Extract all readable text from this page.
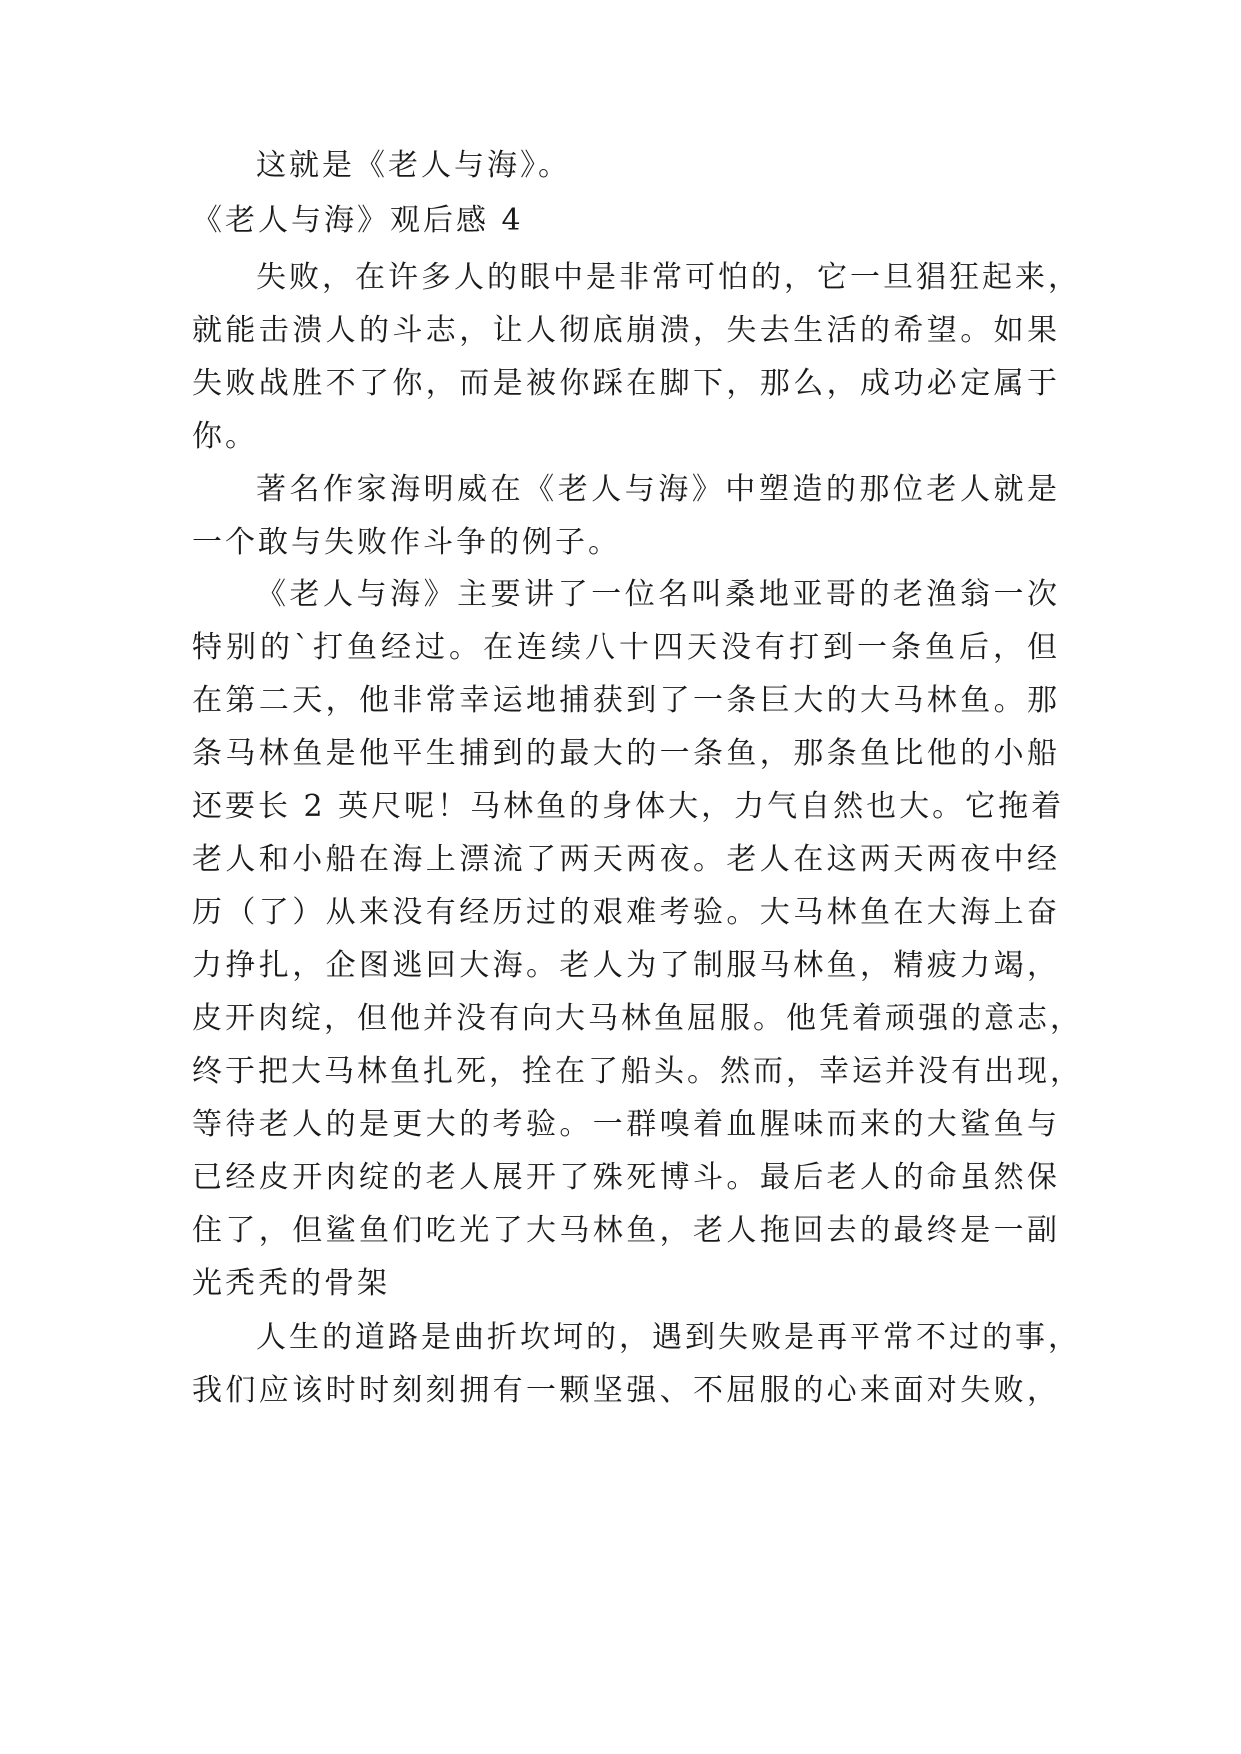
这就是《老人与海》。
《老人与海》观后感 4
失败，在许多人的眼中是非常可怕的，它一旦猖狂起来，
就能击溃人的斗志，让人彻底崩溃，失去生活的希望。如果
失败战胜不了你，而是被你踩在脚下，那么，成功必定属于
你。
著名作家海明威在《老人与海》中塑造的那位老人就是
一个敢与失败作斗争的例子。
《老人与海》主要讲了一位名叫桑地亚哥的老渔翁一次
特别的`打鱼经过。在连续八十四天没有打到一条鱼后，但
在第二天，他非常幸运地捕获到了一条巨大的大马林鱼。那
条马林鱼是他平生捕到的最大的一条鱼，那条鱼比他的小船
还要长 2 英尺呢！马林鱼的身体大，力气自然也大。它拖着
老人和小船在海上漂流了两天两夜。老人在这两天两夜中经
历（了）从来没有经历过的艰难考验。大马林鱼在大海上奋
力挣扎，企图逃回大海。老人为了制服马林鱼，精疲力竭，
皮开肉绽，但他并没有向大马林鱼屈服。他凭着顽强的意志，
终于把大马林鱼扎死，拴在了船头。然而，幸运并没有出现，
等待老人的是更大的考验。一群嗅着血腥味而来的大鲨鱼与
已经皮开肉绽的老人展开了殊死博斗。最后老人的命虽然保
住了，但鲨鱼们吃光了大马林鱼，老人拖回去的最终是一副
光秃秃的骨架
人生的道路是曲折坎坷的，遇到失败是再平常不过的事，
我们应该时时刻刻拥有一颗坚强、不屈服的心来面对失败，
